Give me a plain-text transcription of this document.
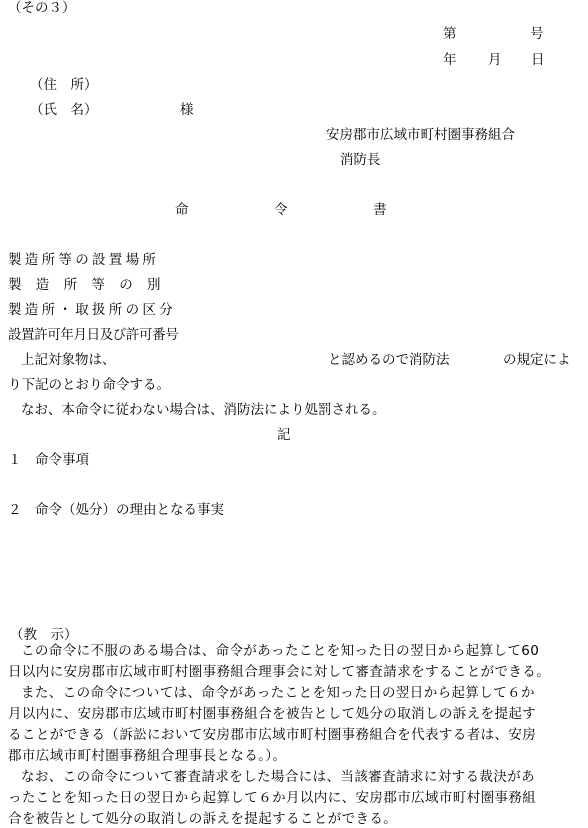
（その３）
第	号
年 月 日
（住　所）
（氏　名）	様
安房郡市広域市町村圏事務組合
消防長
命	令	書
製造所等の設置場所
製　造　所　等　の　別
製造所・取扱所の区分
設置許可年月日及び許可番号
上記対象物は、	と認めるので消防法	の規定によ
り下記のとおり命令する。
なお、本命令に従わない場合は、消防法により処罰される。
記
１　命令事項
２　命令（処分）の理由となる事実
（教　示）
この命令に不服のある場合は、命令があったことを知った日の翌日から起算して60
日以内に安房郡市広域市町村圏事務組合理事会に対して審査請求をすることができる。
また、この命令については、命令があったことを知った日の翌日から起算して６か
月以内に、安房郡市広域市町村圏事務組合を被告として処分の取消しの訴えを提起す
ることができる（訴訟において安房郡市広域市町村圏事務組合を代表する者は、安房
郡市広域市町村圏事務組合理事長となる。）。
なお、この命令について審査請求をした場合には、当該審査請求に対する裁決があ
ったことを知った日の翌日から起算して６か月以内に、安房郡市広域市町村圏事務組
合を被告として処分の取消しの訴えを提起することができる。
